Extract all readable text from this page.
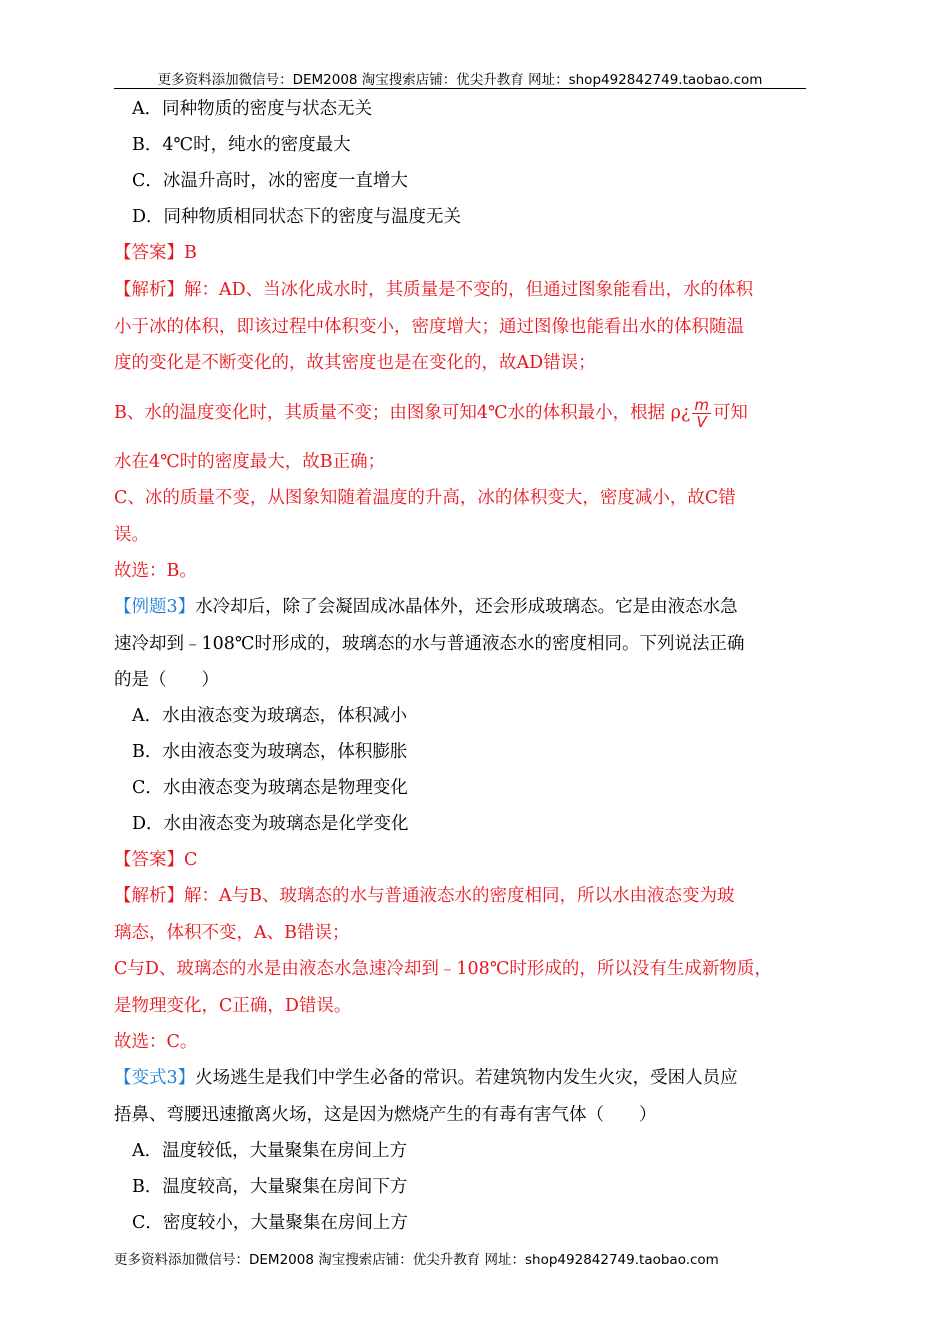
更多资料添加微信号：DEM2008 淘宝搜索店铺：优尖升教育 网址：shop492842749.taobao.com
A．同种物质的密度与状态无关
B．4℃时，纯水的密度最大
C．冰温升高时，冰的密度一直增大
D．同种物质相同状态下的密度与温度无关
【答案】B
【解析】解：AD、当冰化成水时，其质量是不变的，但通过图象能看出，水的体积
小于冰的体积，即该过程中体积变小，密度增大；通过图像也能看出水的体积随温
度的变化是不断变化的，故其密度也是在变化的，故AD错误；
B、水的温度变化时，其质量不变；由图象可知4℃水的体积最小，根据 ρ¿ $\frac{m}{V}$ 可知
水在4℃时的密度最大，故B正确；
C、冰的质量不变，从图象知随着温度的升高，冰的体积变大，密度减小，故C错
误。
故选：B。
【例题3】水冷却后，除了会凝固成冰晶体外，还会形成玻璃态。它是由液态水急
速冷却到﹣108℃时形成的，玻璃态的水与普通液态水的密度相同。下列说法正确
的是（　　）
A．水由液态变为玻璃态，体积减小
B．水由液态变为玻璃态，体积膨胀
C．水由液态变为玻璃态是物理变化
D．水由液态变为玻璃态是化学变化
【答案】C
【解析】解：A与B、玻璃态的水与普通液态水的密度相同，所以水由液态变为玻
璃态，体积不变，A、B错误；
C与D、玻璃态的水是由液态水急速冷却到﹣108℃时形成的，所以没有生成新物质，
是物理变化，C正确，D错误。
故选：C。
【变式3】火场逃生是我们中学生必备的常识。若建筑物内发生火灾，受困人员应
捂鼻、弯腰迅速撤离火场，这是因为燃烧产生的有毒有害气体（　　）
A．温度较低，大量聚集在房间上方
B．温度较高，大量聚集在房间下方
C．密度较小，大量聚集在房间上方
更多资料添加微信号：DEM2008 淘宝搜索店铺：优尖升教育 网址：shop492842749.taobao.com
